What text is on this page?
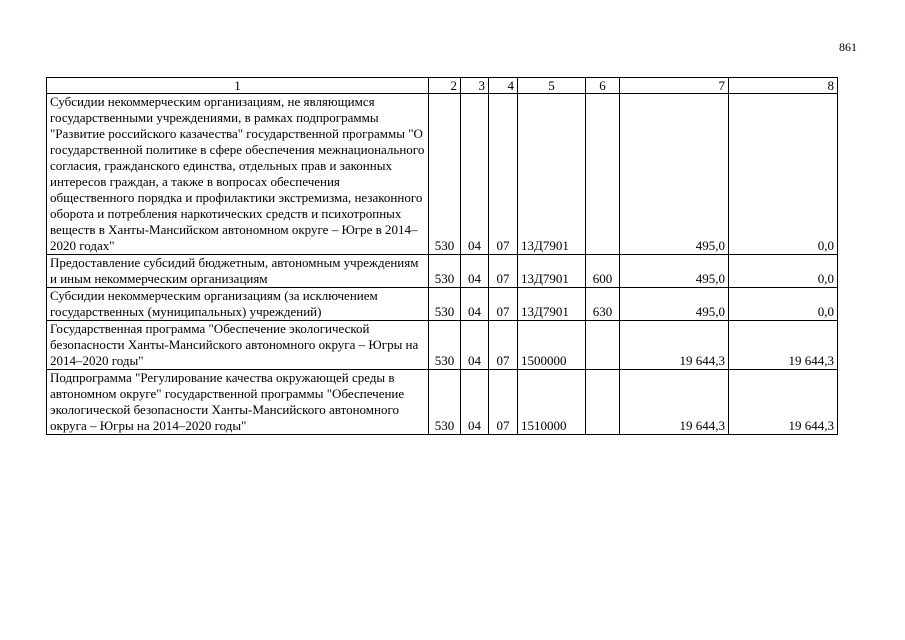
861
1	2	3	4	5	6	7	8
Субсидии некоммерческим организациям, не являющимся государственными учреждениями, в рамках подпрограммы "Развитие российского казачества" государственной программы "О государственной политике в сфере обеспечения межнационального согласия, гражданского единства, отдельных прав и законных интересов граждан, а также в вопросах обеспечения общественного порядка и профилактики экстремизма, незаконного оборота и потребления наркотических средств и психотропных веществ в Ханты-Мансийском автономном округе – Югре в 2014–2020 годах"	530	04	07	13Д7901		495,0	0,0
Предоставление субсидий бюджетным, автономным учреждениям и иным некоммерческим организациям	530	04	07	13Д7901	600	495,0	0,0
Субсидии некоммерческим организациям (за исключением государственных (муниципальных) учреждений)	530	04	07	13Д7901	630	495,0	0,0
Государственная программа "Обеспечение экологической безопасности Ханты-Мансийского автономного округа – Югры на 2014–2020 годы"	530	04	07	1500000		19 644,3	19 644,3
Подпрограмма "Регулирование качества окружающей среды в автономном округе" государственной программы "Обеспечение экологической безопасности Ханты-Мансийского автономного округа – Югры на 2014–2020 годы"	530	04	07	1510000		19 644,3	19 644,3
